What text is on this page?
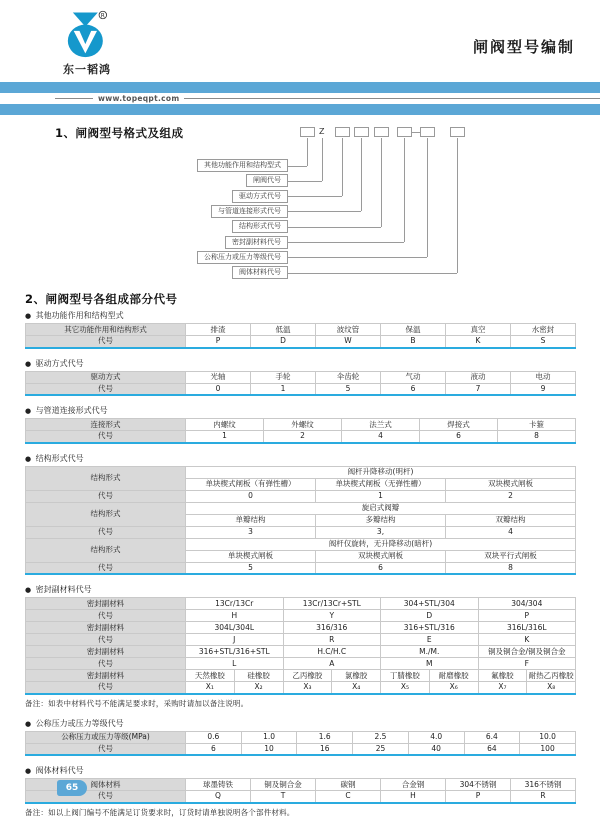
R
东一韬鸿
闸阀型号编制
www.topeqpt.com
1、闸阀型号格式及组成
其他功能作用和结构型式
Z
闸阀代号
驱动方式代号
与管道连接形式代号
结构形式代号
密封副材料代号
公称压力或压力等级代号
阀体材料代号
2、闸阀型号各组成部分代号
● 其他功能作用和结构型式
其它功能作用和结构形式	排渣	低温	波纹管	保温	真空	水密封
代号	P	D	W	B	K	S
● 驱动方式代号
驱动方式	光轴	手轮	伞齿轮	气动	液动	电动
代号	0	1	5	6	7	9
● 与管道连接形式代号
连接形式	内螺纹	外螺纹	法兰式	焊接式	卡箍
代号	1	2	4	6	8
● 结构形式代号
结构形式	阀杆升降移动(明杆)		
	单块楔式闸板（有弹性槽）	单块楔式闸板（无弹性槽）	双块楔式闸板
代号	0	1	2
结构形式	旋启式阀瓣		
	单瓣结构	多瓣结构	双瓣结构
代号	3	3,	4
结构形式	阀杆仅旋转，无升降移动(暗杆)		
	单块楔式闸板	双块楔式闸板	双块平行式闸板
代号	5	6	8
● 密封副材料代号
密封副材料	13Cr/13Cr		13Cr/13Cr+STL		304+STL/304		304/304	
代号	H		Y		D		P	
密封副材料	304L/304L		316/316		316+STL/316		316L/316L	
代号	J		R		E		K	
密封副材料	316+STL/316+STL		H.C/H.C		M./M.		铜及铜合金/铜及铜合金	
代号	L		A		M		F	
密封副材料	天然橡胶	硅橡胶	乙丙橡胶	氯橡胶	丁腈橡胶	耐磨橡胶	氟橡胶	耐热乙丙橡胶
代号	X₁	X₂	X₃	X₄	X₅	X₆	X₇	X₈
备注：如表中材料代号不能满足要求时，采购时请加以备注说明。
● 公称压力或压力等级代号
公称压力或压力等级(MPa)	0.6	1.0	1.6	2.5	4.0	6.4	10.0
代号	6	10	16	25	40	64	100
● 阀体材料代号
阀体材料	球墨铸铁	铜及铜合金	碳钢	合金钢	304不锈钢	316不锈钢
代号	Q	T	C	H	P	R
备注：如以上阀门编号不能满足订货要求时，订货时请单独说明各个部件材料。
65
